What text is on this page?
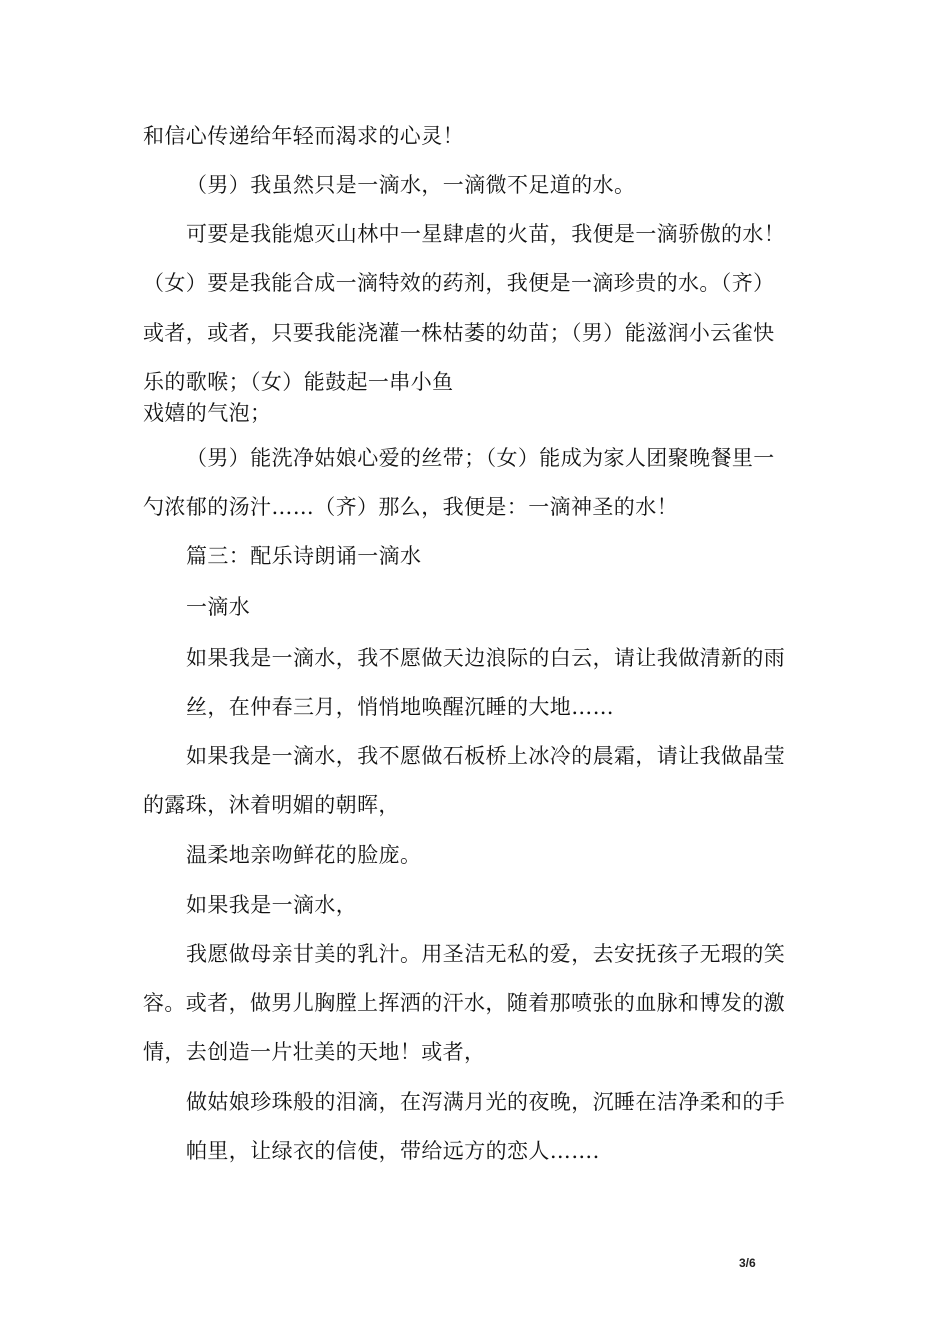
和信心传递给年轻而渴求的心灵！
（男）我虽然只是一滴水，一滴微不足道的水。
可要是我能熄灭山林中一星肆虐的火苗，我便是一滴骄傲的水！
（女）要是我能合成一滴特效的药剂，我便是一滴珍贵的水。（齐）
或者，或者，只要我能浇灌一株枯萎的幼苗；（男）能滋润小云雀快
乐的歌喉；（女）能鼓起一串小鱼
戏嬉的气泡；
（男）能洗净姑娘心爱的丝带；（女）能成为家人团聚晚餐里一
勺浓郁的汤汁……（齐）那么，我便是：一滴神圣的水！
篇三：配乐诗朗诵一滴水
一滴水
如果我是一滴水，我不愿做天边浪际的白云，请让我做清新的雨
丝，在仲春三月，悄悄地唤醒沉睡的大地……
如果我是一滴水，我不愿做石板桥上冰冷的晨霜，请让我做晶莹
的露珠，沐着明媚的朝晖，
温柔地亲吻鲜花的脸庞。
如果我是一滴水，
我愿做母亲甘美的乳汁。用圣洁无私的爱，去安抚孩子无瑕的笑
容。或者，做男儿胸膛上挥洒的汗水，随着那喷张的血脉和博发的激
情，去创造一片壮美的天地！或者，
做姑娘珍珠般的泪滴，在泻满月光的夜晚，沉睡在洁净柔和的手
帕里，让绿衣的信使，带给远方的恋人…….
3/6
